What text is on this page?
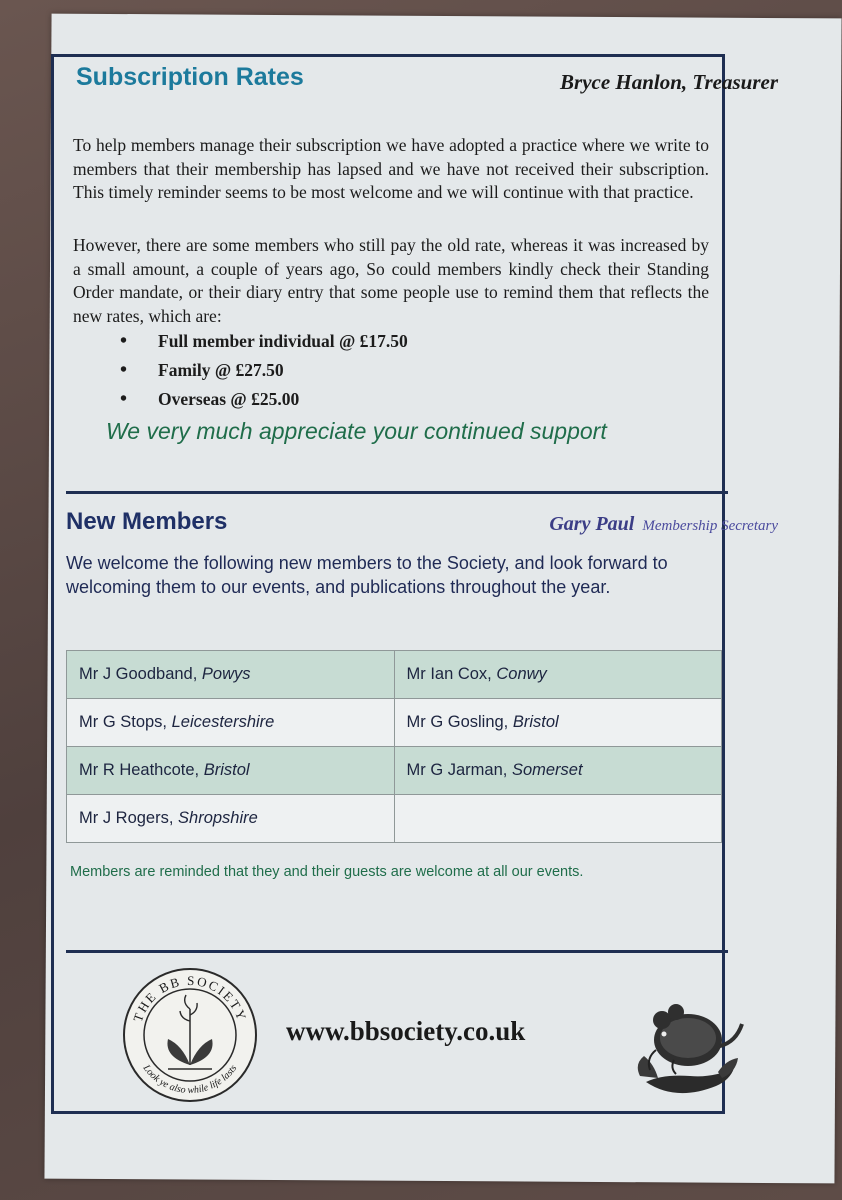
Subscription Rates	Bryce Hanlon, Treasurer

To help members manage their subscription we have adopted a practice where we write to members that their membership has lapsed and we have not received their subscription. This timely reminder seems to be most welcome and we will continue with that practice.

However, there are some members who still pay the old rate, whereas it was increased by a small amount, a couple of years ago, So could members kindly check their Standing Order mandate, or their diary entry that some people use to remind them that reflects the new rates, which are:

• Full member individual @ £17.50
• Family @ £27.50
• Overseas @ £25.00
We very much appreciate your continued support
New Members	Gary Paul Membership Secretary
We welcome the following new members to the Society, and look forward to welcoming them to our events, and publications throughout the year.
Mr J Goodband, Powys	Mr Ian Cox, Conwy
Mr G Stops, Leicestershire	Mr G Gosling, Bristol
Mr R Heathcote, Bristol	Mr G Jarman, Somerset
Mr J Rogers, Shropshire	
Members are reminded that they and their guests are welcome at all our events.
THE BB SOCIETY
Look ye also while life lasts
www.bbsociety.co.uk
